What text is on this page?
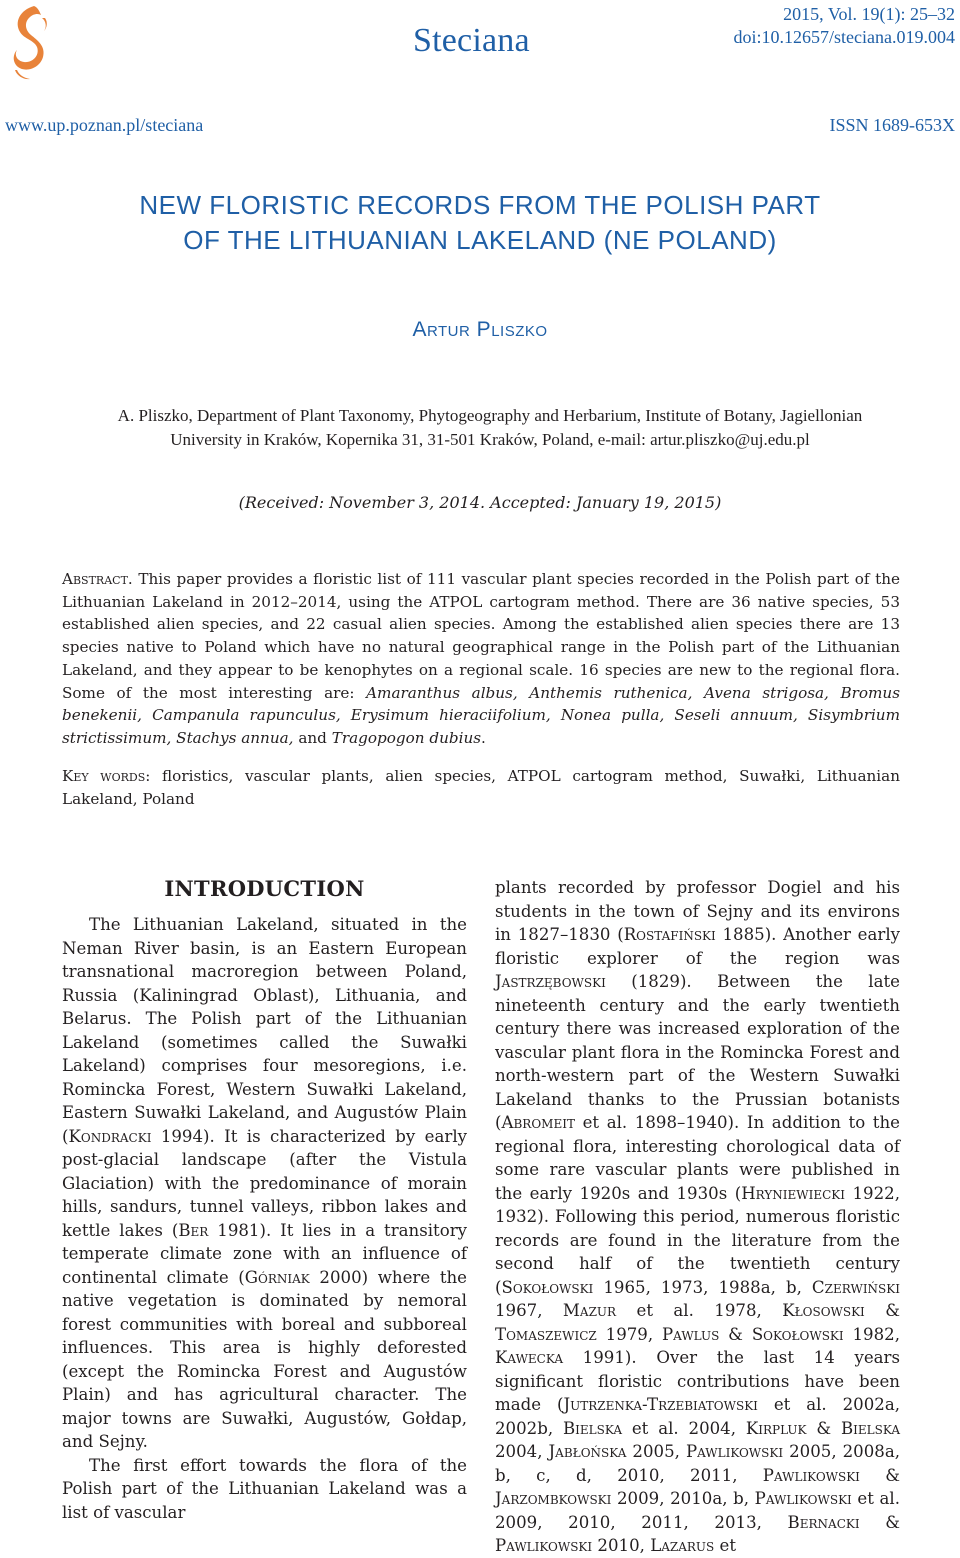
Steciana
2015, Vol. 19(1): 25–32
doi:10.12657/steciana.019.004
www.up.poznan.pl/steciana	ISSN 1689-653X
NEW FLORISTIC RECORDS FROM THE POLISH PART
OF THE LITHUANIAN LAKELAND (NE POLAND)
Artur Pliszko
A. Pliszko, Department of Plant Taxonomy, Phytogeography and Herbarium, Institute of Botany, Jagiellonian University in Kraków, Kopernika 31, 31-501 Kraków, Poland, e-mail: artur.pliszko@uj.edu.pl
(Received: November 3, 2014. Accepted: January 19, 2015)
Abstract. This paper provides a floristic list of 111 vascular plant species recorded in the Polish part of the Lithuanian Lakeland in 2012–2014, using the ATPOL cartogram method. There are 36 native species, 53 established alien species, and 22 casual alien species. Among the established alien species there are 13 species native to Poland which have no natural geographical range in the Polish part of the Lithuanian Lakeland, and they appear to be kenophytes on a regional scale. 16 species are new to the regional flora. Some of the most interesting are: Amaranthus albus, Anthemis ruthenica, Avena strigosa, Bromus benekenii, Campanula rapunculus, Erysimum hieraciifolium, Nonea pulla, Seseli annuum, Sisymbrium strictissimum, Stachys annua, and Tragopogon dubius.
Key words: floristics, vascular plants, alien species, ATPOL cartogram method, Suwałki, Lithuanian Lakeland, Poland
INTRODUCTION

The Lithuanian Lakeland, situated in the Neman River basin, is an Eastern European transnational macroregion between Poland, Russia (Kaliningrad Oblast), Lithuania, and Belarus. The Polish part of the Lithuanian Lakeland (sometimes called the Suwałki Lakeland) comprises four mesoregions, i.e. Romincka Forest, Western Suwałki Lakeland, Eastern Suwałki Lakeland, and Augustów Plain (Kondracki 1994). It is characterized by early post-glacial landscape (after the Vistula Glaciation) with the predominance of morain hills, sandurs, tunnel valleys, ribbon lakes and kettle lakes (Ber 1981). It lies in a transitory temperate climate zone with an influence of continental climate (Górniak 2000) where the native vegetation is dominated by nemoral forest communities with boreal and subboreal influences. This area is highly deforested (except the Romincka Forest and Augustów Plain) and has agricultural character. The major towns are Suwałki, Augustów, Gołdap, and Sejny.

The first effort towards the flora of the Polish part of the Lithuanian Lakeland was a list of vascular

plants recorded by professor Dogiel and his students in the town of Sejny and its environs in 1827–1830 (Rostafiński 1885). Another early floristic explorer of the region was Jastrzębowski (1829). Between the late nineteenth century and the early twentieth century there was increased exploration of the vascular plant flora in the Romincka Forest and north-western part of the Western Suwałki Lakeland thanks to the Prussian botanists (Abromeit et al. 1898–1940). In addition to the regional flora, interesting chorological data of some rare vascular plants were published in the early 1920s and 1930s (Hryniewiecki 1922, 1932). Following this period, numerous floristic records are found in the literature from the second half of the twentieth century (Sokołowski 1965, 1973, 1988a, b, Czerwiński 1967, Mazur et al. 1978, Kłosowski & Tomaszewicz 1979, Pawlus & Sokołowski 1982, Kawecka 1991). Over the last 14 years significant floristic contributions have been made (Jutrzenka-Trzebiatowski et al. 2002a, 2002b, Bielska et al. 2004, Kirpluk & Bielska 2004, Jabłońska 2005, Pawlikowski 2005, 2008a, b, c, d, 2010, 2011, Pawlikowski & Jarzombkowski 2009, 2010a, b, Pawlikowski et al. 2009, 2010, 2011, 2013, Bernacki & Pawlikowski 2010, Lazarus et
